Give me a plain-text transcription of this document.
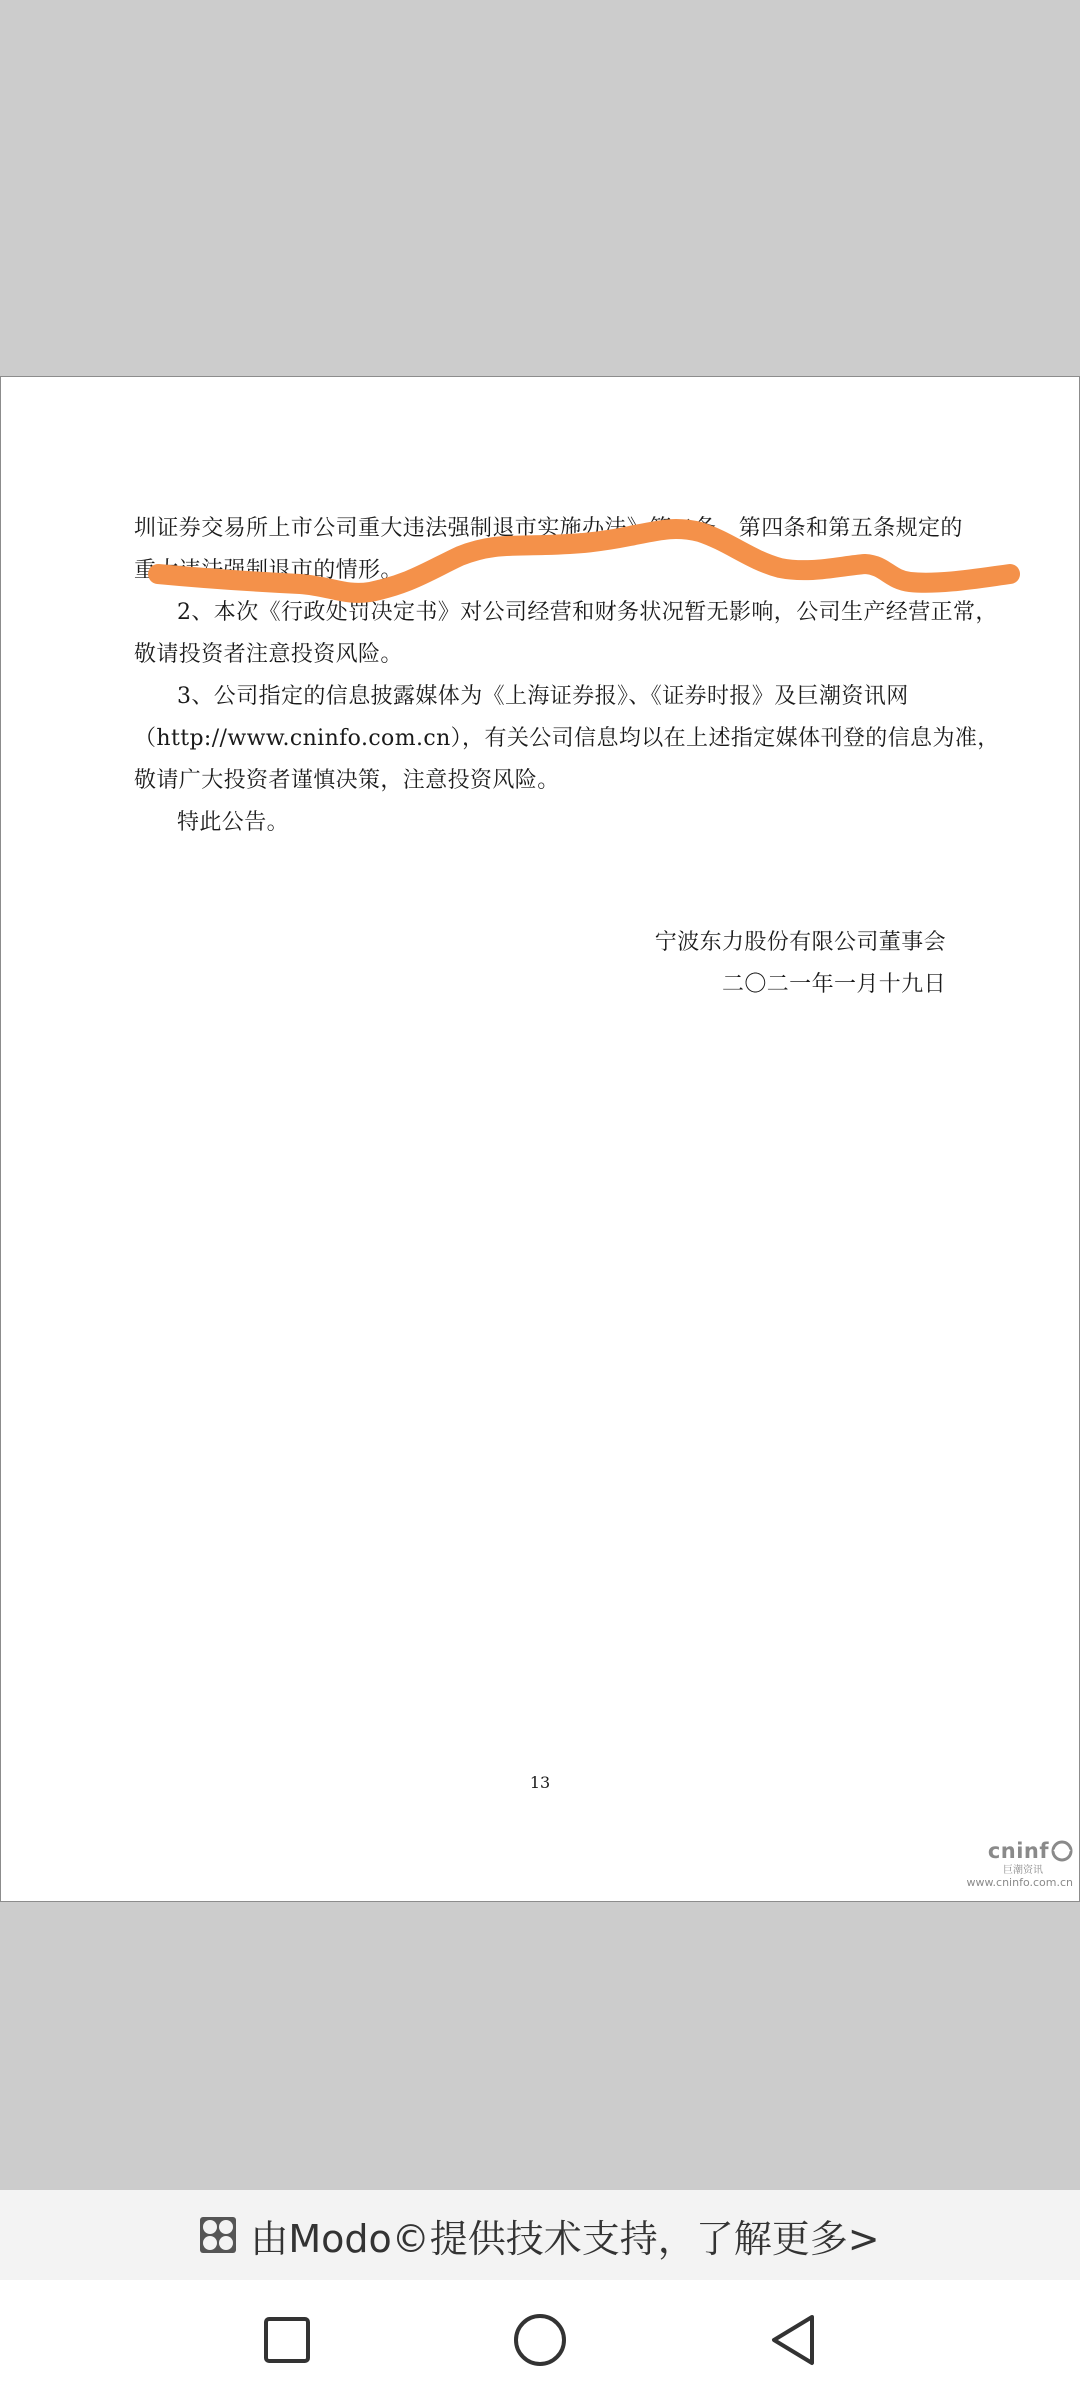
圳证券交易所上市公司重大违法强制退市实施办法》第二条、第四条和第五条规定的
重大违法强制退市的情形。
2、本次《行政处罚决定书》对公司经营和财务状况暂无影响，公司生产经营正常，
敬请投资者注意投资风险。
3、公司指定的信息披露媒体为《上海证券报》、《证券时报》及巨潮资讯网
（http://www.cninfo.com.cn），有关公司信息均以在上述指定媒体刊登的信息为准，
敬请广大投资者谨慎决策，注意投资风险。
特此公告。
宁波东力股份有限公司董事会
二〇二一年一月十九日
13
cninf
巨潮资讯
www.cninfo.com.cn
由Modo©提供技术支持，了解更多>
